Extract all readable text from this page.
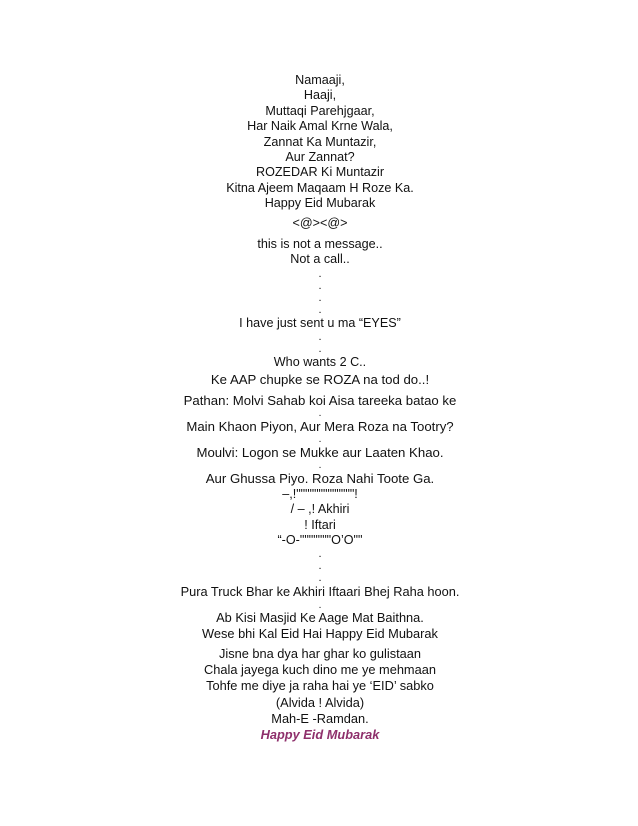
Namaaji,
Haaji,
Muttaqi Parehjgaar,
Har Naik Amal Krne Wala,
Zannat Ka Muntazir,
Aur Zannat?
ROZEDAR Ki Muntazir
Kitna Ajeem Maqaam H Roze Ka.
Happy Eid Mubarak
<@><@>
this is not a message..
Not a call..
.
.
.
.
I have just sent u ma “EYES”
.
.
Who wants 2 C..
Ke AAP chupke se ROZA na tod do..!
Pathan: Molvi Sahab koi Aisa tareeka batao ke
.
Main Khaon Piyon, Aur Mera Roza na Tootry?
.
Moulvi: Logon se Mukke aur Laaten Khao.
.
Aur Ghussa Piyo. Roza Nahi Toote Ga.
–,!"""""""""""""!
/ – ,! Akhiri
! Iftari
“-O-"""""""O’O""
.
.
.
Pura Truck Bhar ke Akhiri Iftaari Bhej Raha hoon.
.
Ab Kisi Masjid Ke Aage Mat Baithna.
Wese bhi Kal Eid Hai Happy Eid Mubarak
Jisne bna dya har ghar ko gulistaan
Chala jayega kuch dino me ye mehmaan
Tohfe me diye ja raha hai ye ‘EID’ sabko
(Alvida ! Alvida)
Mah-E -Ramdan.
Happy Eid Mubarak
